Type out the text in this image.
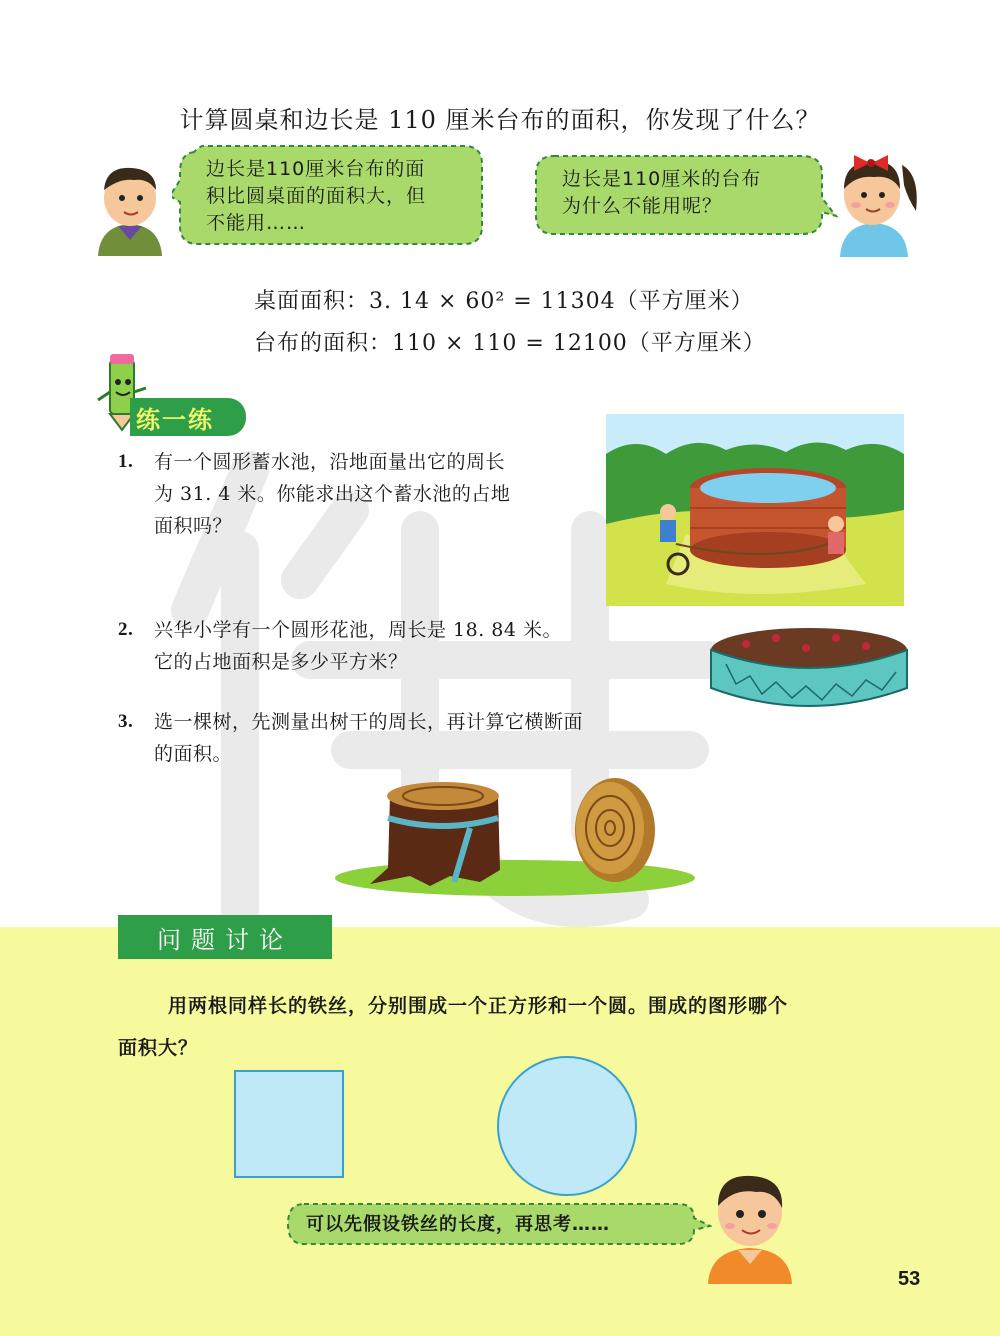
计算圆桌和边长是 110 厘米台布的面积，你发现了什么？
边长是110厘米台布的面
积比圆桌面的面积大，但
不能用……
边长是110厘米的台布
为什么不能用呢？
桌面面积：3. 14 × 60² = 11304（平方厘米）
台布的面积：110 × 110 = 12100（平方厘米）
练一练
1.	有一个圆形蓄水池，沿地面量出它的周长
为 31. 4 米。你能求出这个蓄水池的占地
面积吗？
2.	兴华小学有一个圆形花池，周长是 18. 84 米。
它的占地面积是多少平方米？
3.	选一棵树，先测量出树干的周长，再计算它横断面
的面积。
问题讨论
用两根同样长的铁丝，分别围成一个正方形和一个圆。围成的图形哪个
面积大？
可以先假设铁丝的长度，再思考……
53
